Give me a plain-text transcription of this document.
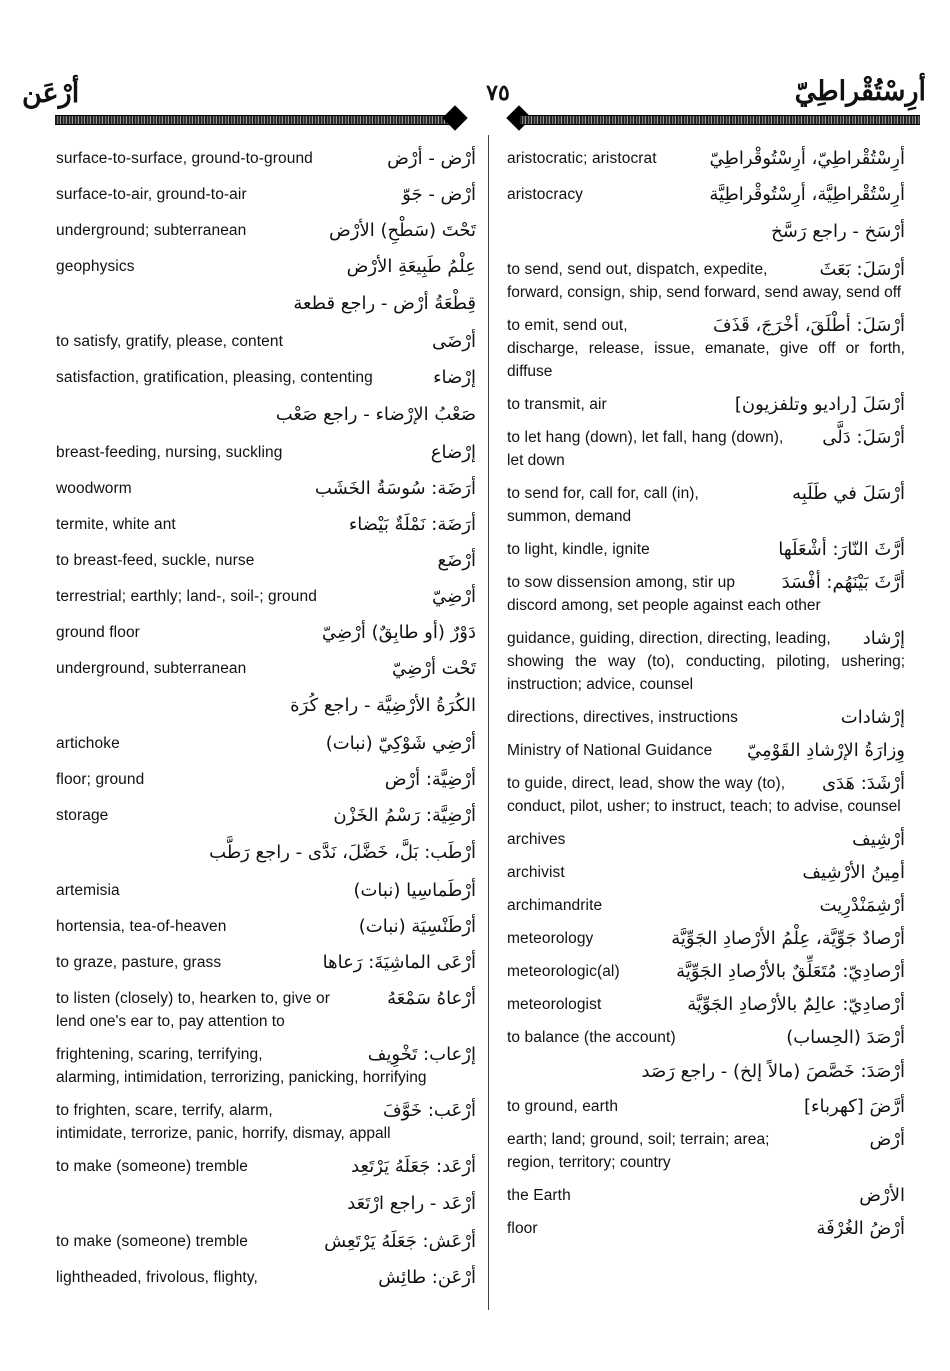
أرْعَن	٧٥	أرِسْتُقْراطِيّ
surface-to-surface, ground-to-ground	أرْض - أرْض
surface-to-air, ground-to-air	أرْض - جَوّ
underground; subterranean	تَحْتَ (سَطْحِ) الأرْض
geophysics	عِلْمُ طَبِيعَةِ الأرْض
قِطْعَةُ أرْض - راجع قطعة
to satisfy, gratify, please, content	أرْضَى
satisfaction, gratification, pleasing, contenting	إرْضاء
صَعْبُ الإرْضاء - راجع صَعْب
breast-feeding, nursing, suckling	إرْضاع
woodworm	أرَضَة: سُوسَةُ الخَشَب
termite, white ant	أرَضَة: نَمْلَةٌ بَيْضاء
to breast-feed, suckle, nurse	أرْضَع
terrestrial; earthly; land-, soil-; ground	أرْضِيّ
ground floor	دَوْرٌ (أو طابِقٌ) أرْضِيّ
underground, subterranean	تَحْت أرْضِيّ
الكُرَةُ الأرْضِيَّة - راجع كُرَة
artichoke	أرْضِي شَوْكِيّ (نبات)
floor; ground	أرْضِيَّة: أرْض
storage	أرْضِيَّة: رَسْمُ الخَزْن
أرْطَب: بَلَّ، خَضَّلَ، نَدَّى - راجع رَطَّب
artemisia	أرْطَماسِيا (نبات)
hortensia, tea-of-heaven	أرْطَنْسِيَة (نبات)
to graze, pasture, grass	أرْعَى الماشِيَةَ: رَعاها
to listen (closely) to, hearken to, give or	أرْعاهُ سَمْعَهُ
lend one's ear to, pay attention to
frightening, scaring, terrifying,	إرْعاب: تَخْوِيف
alarming, intimidation, terrorizing, panicking, horrifying
to frighten, scare, terrify, alarm,	أرْعَب: خَوَّفَ
intimidate, terrorize, panic, horrify, dismay, appall
to make (someone) tremble	أرْعَد: جَعَلَهُ يَرْتَعِد
أرْعَد - راجع ارْتَعَد
to make (someone) tremble	أرْعَش: جَعَلَهُ يَرْتَعِش
lightheaded, frivolous, flighty,	أرْعَن: طائِش
aristocratic; aristocrat	أرِسْتُقْراطِيّ، أرِسْتُوقْراطِيّ
aristocracy	أرِسْتُقْراطِيَّة، أرِسْتُوقْراطِيَّة
أرْسَخ - راجع رَسَّخ
to send, send out, dispatch, expedite,	أرْسَلَ: بَعَثَ
forward, consign, ship, send forward, send away, send off
to emit, send out,	أرْسَلَ: أطْلَقَ، أخْرَجَ، قَذَفَ
discharge, release, issue, emanate, give off or forth, diffuse
to transmit, air	أرْسَلَ [راديو وتلفزيون]
to let hang (down), let fall, hang (down), أرْسَلَ: دَلَّى
let down
to send for, call for, call (in),	أرْسَلَ في طَلَبِه
summon, demand
to light, kindle, ignite	أرَّثَ النّارَ: أشْعَلَها
to sow dissension among, stir up	أرَّثَ بَيْنَهُم: أفْسَدَ
discord among, set people against each other
guidance, guiding, direction, directing, leading, إرْشاد
showing the way (to), conducting, piloting, ushering; instruction; advice, counsel
directions, directives, instructions	إرْشادات
Ministry of National Guidance وِزارَةُ الإرْشادِ القَوْمِيّ
to guide, direct, lead, show the way (to), أرْشَدَ: هَدَى
conduct, pilot, usher; to instruct, teach; to advise, counsel
archives	أرْشِيف
archivist	أمِينُ الأرْشِيف
archimandrite	أرْشِمَنْدْرِيت
meteorology	أرْصادٌ جَوِّيَّة، عِلْمُ الأرْصادِ الجَوِّيَّة
meteorologic(al)	أرْصادِيّ: مُتَعَلِّقٌ بالأرْصادِ الجَوِّيَّة
meteorologist	أرْصادِيّ: عالِمٌ بالأرْصادِ الجَوِّيَّة
to balance (the account)	أرْصَدَ (الحِساب)
أرْصَدَ: خَصَّصَ (مالاً إلخ) - راجع رَصَد
to ground, earth	أرَّضَ [كهرباء]
earth; land; ground, soil; terrain; area;	أرْض
region, territory; country
the Earth	الأرْض
floor	أرْضُ الغُرْفَة
